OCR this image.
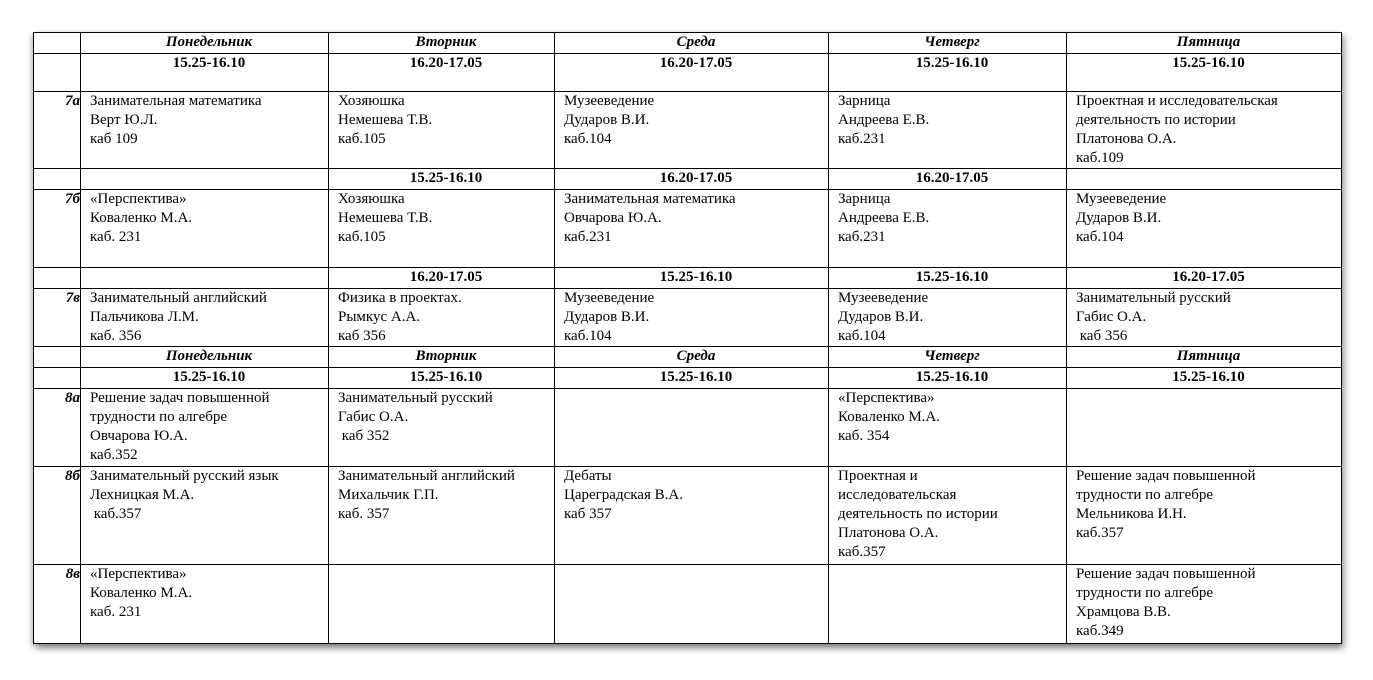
	Понедельник	Вторник	Среда	Четверг	Пятница
	15.25-16.10	16.20-17.05	16.20-17.05	15.25-16.10	15.25-16.10
7а	Занимательная математика
Верт Ю.Л.
каб 109	Хозяюшка
Немешева Т.В.
каб.105	Музееведение
Дударов В.И.
каб.104	Зарница
Андреева Е.В.
каб.231	Проектная и исследовательская
деятельность по истории
Платонова О.А.
каб.109

		15.25-16.10	16.20-17.05	16.20-17.05	
7б	«Перспектива»
Коваленко М.А.
каб. 231	Хозяюшка
Немешева Т.В.
каб.105	Занимательная математика
Овчарова Ю.А.
каб.231	Зарница
Андреева Е.В.
каб.231	Музееведение
Дударов В.И.
каб.104

		16.20-17.05	15.25-16.10	15.25-16.10	16.20-17.05
7в	Занимательный английский
Пальчикова Л.М.
каб. 356	Физика в проектах.
Рымкус А.А.
каб 356	Музееведение
Дударов В.И.
каб.104	Музееведение
Дударов В.И.
каб.104	Занимательный русский
Габис О.А.
каб 356

	Понедельник	Вторник	Среда	Четверг	Пятница
	15.25-16.10	15.25-16.10	15.25-16.10	15.25-16.10	15.25-16.10
8а	Решение задач повышенной
трудности по алгебре
Овчарова Ю.А.
каб.352	Занимательный русский
Габис О.А.
каб 352		«Перспектива»
Коваленко М.А.
каб. 354	

8б	Занимательный русский язык
Лехницкая М.А.
каб.357	Занимательный английский
Михальчик Г.П.
каб. 357	Дебаты
Цареградская В.А.
каб 357	Проектная и
исследовательская
деятельность по истории
Платонова О.А.
каб.357	Решение задач повышенной
трудности по алгебре
Мельникова И.Н.
каб.357

8в	«Перспектива»
Коваленко М.А.
каб. 231				Решение задач повышенной
трудности по алгебре
Храмцова В.В.
каб.349
